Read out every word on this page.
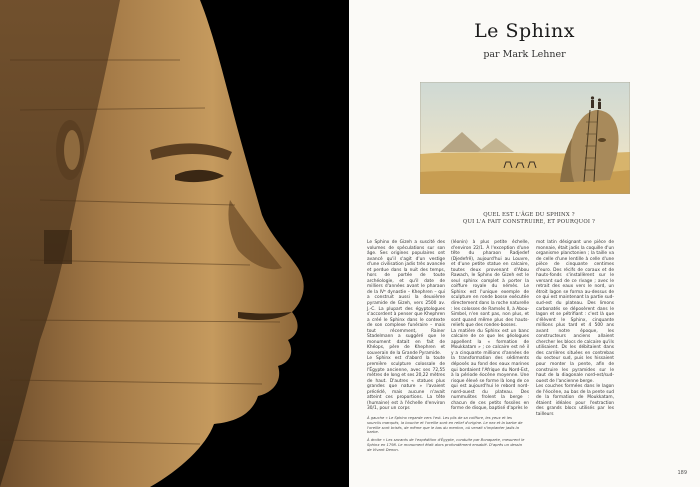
Le Sphinx
par Mark Lehner
QUEL EST L'ÂGE DU SPHINX ?
QUI L'A FAIT CONSTRUIRE, ET POURQUOI ?

Le Sphinx de Gizeh a suscité des volumes de spéculations sur son âge. Ses origines populaires ont avancé qu'il s'agit d'un vestige d'une civilisation jadis très avancée et perdue dans la nuit des temps, hors de portée de toute archéologie, et qu'il date de milliers d'années avant le pharaon de la IVᵉ dynastie – Khephren – qui a construit aussi la deuxième pyramide de Gizeh, vers 2500 av. J.-C. La plupart des égyptologues s'accordent à penser que Khephren a créé le Sphinx dans le contexte de son complexe funéraire – mais tout récemment, Rainer Stadelmann a suggéré que le monument datait en fait de Khéops, père de Khephren et souverain de la Grande Pyramide.

Le Sphinx est d'abord la toute première sculpture colossale de l'Égypte ancienne, avec ses 72,55 mètres de long et ses 20,22 mètres de haut. D'autres « statues plus grandes que nature » l'avaient précédé, mais aucune n'avait atteint ces proportions. La tête (humaine) est à l'échelle d'environ 30/1, pour un corps

(léonin) à plus petite échelle, d'environ 22/1. À l'exception d'une tête du pharaon Radjedef (Djedefrê), aujourd'hui au Louvre, et d'une petite statue en calcaire, toutes deux provenant d'Abou Rawach, le Sphinx de Gizeh est le seul sphinx complet à porter la coiffure royale du némès. Le Sphinx est l'unique exemple de sculpture en ronde bosse exécutée directement dans la roche naturelle : les colosses de Ramsès II, à Abou-Simbel, n'en sont pas, non plus, et sont quand même plus des hauts-reliefs que des rondes-bosses.

La matière du Sphinx est un banc calcaire de ce que les géologues appellent la « formation de Moukkatam » ; ce calcaire est né il y a cinquante millions d'années de la transformation des sédiments déposés au fond des eaux marines qui bordaient l'Afrique du Nord-Est, à la période éocène moyenne. Une risque élevé se forme là long de ce qui est aujourd'hui le rebord nord-nord-ouest du plateau. Des nummulites frolent la berge : chacun de ces petits fossiles en forme de disque, baptisé d'après le

mot latin désignant une pièce de monnaie, était jadis la coquille d'un organisme planctonien ; la taille va de celle d'une lentille à celle d'une pièce de cinquante centimes d'euro. Des récifs de coraux et de hauts-fonds s'installèrent sur le versant sud de ce rivage ; avec le retrait des eaux vers le nord, un étroit lagon se forma au-dessus de ce qui est maintenant la partie sud-sud-est du plateau. Des limons carbonatés se déposèrent dans le lagon et se pétrifiant : c'est là que s'élèvent le Sphinx, cinquante millions plus tard et 4 500 ans avant notre époque, les constructeurs anciens allaient chercher les blocs de calcaire qu'ils utilisaient. Ds les débitaient dans des carrières situées en contrebas du secteur sud, puis les hissaient pour monter la pente, afin de construire les pyramides sur le haut de la diagonale nord-est/sud-ouest de l'ancienne berge.

Les couches formées dans le lagon de l'éocène, au bas de la pente sud de la formation de Moukkatam, étaient idéales pour l'extraction des grands blocs utilisés par les tailleurs

À gauche « Le Sphinx regarde vers l'est. Les plis de sa coiffure, les yeux et les sourcils marqués, la bouche et l'oreille sont en relief d'origine. Le nez et la barbe de l'oreille sont brisés, de même que le bas du menton, où venait s'implanter jadis la barbe.

À droite « Les savants de l'expédition d'Égypte, conduite par Bonaparte, mesurent le Sphinx en 1798. Le monument était alors profondément ensablé. D'après un dessin de Vivant Denon.

189
